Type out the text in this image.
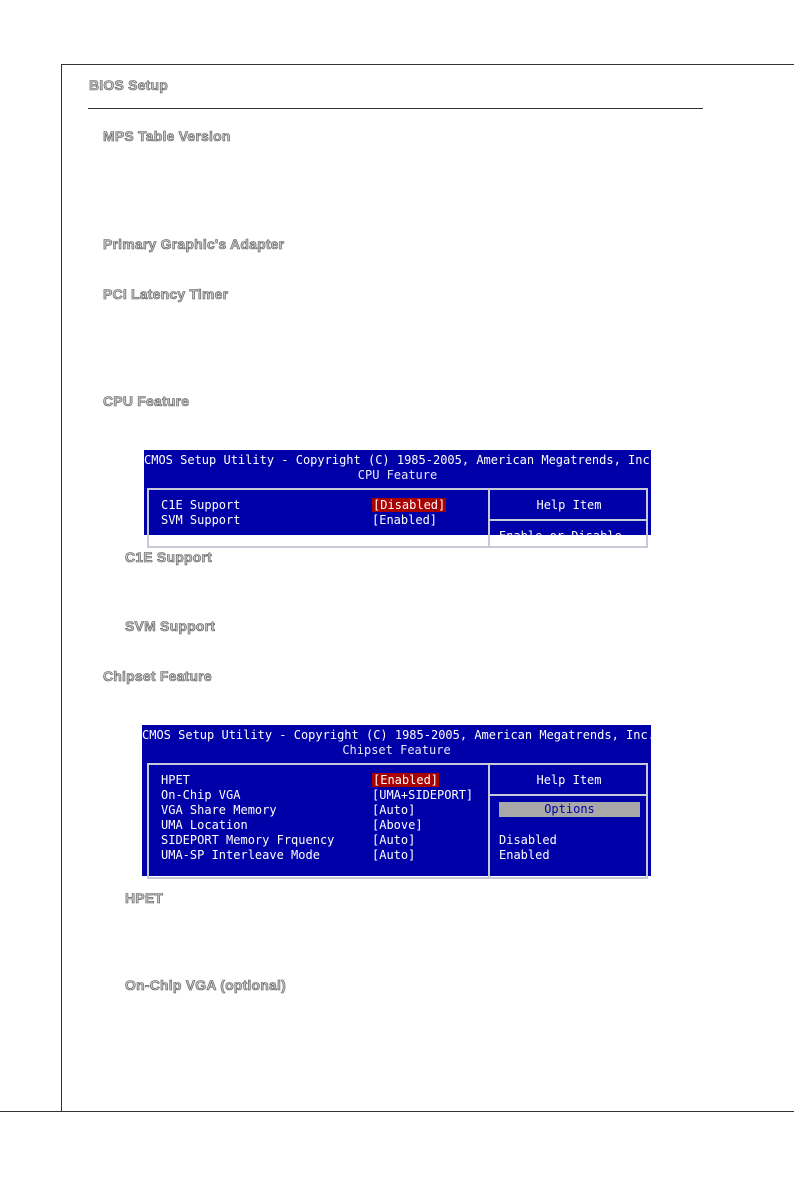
BIOS Setup
MPS Table Version
Primary Graphic's Adapter
PCI Latency Timer
CPU Feature
CMOS Setup Utility - Copyright (C) 1985-2005, American Megatrends, Inc.
CPU Feature
C1E Support	[Disabled]
SVM Support	[Enabled]
Help Item
Enable or Disable
C1E Support
SVM Support
Chipset Feature
CMOS Setup Utility - Copyright (C) 1985-2005, American Megatrends, Inc.
Chipset Feature
HPET	[Enabled]
On-Chip VGA	[UMA+SIDEPORT]
VGA Share Memory	[Auto]
UMA Location	[Above]
SIDEPORT Memory Frquency	[Auto]
UMA-SP Interleave Mode	[Auto]
Help Item
Options
Disabled
Enabled
HPET
On-Chip VGA (optional)
